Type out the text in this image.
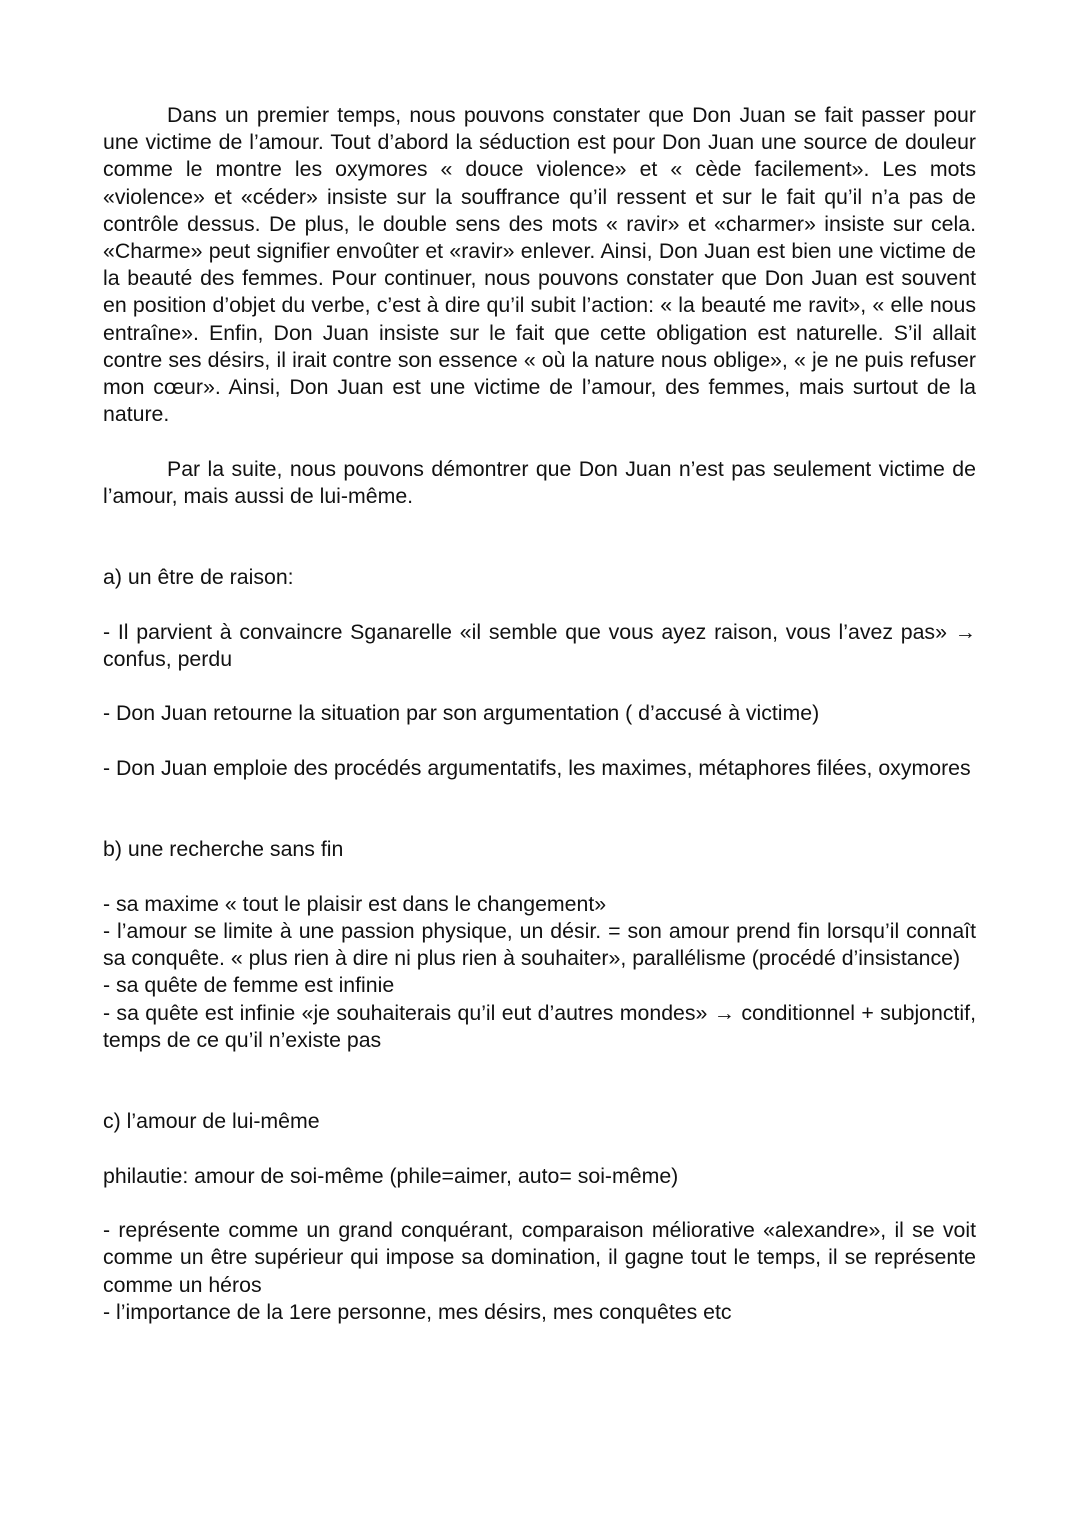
Dans un premier temps, nous pouvons constater que Don Juan se fait passer pour une victime de l’amour. Tout d’abord la séduction est pour Don Juan une source de douleur comme le montre les oxymores « douce violence» et « cède facilement». Les mots «violence» et «céder» insiste sur la souffrance qu’il ressent et sur le fait qu’il n’a pas de contrôle dessus. De plus, le double sens des mots « ravir» et «charmer» insiste sur cela. «Charme» peut signifier envoûter et «ravir» enlever. Ainsi, Don Juan est bien une victime de la beauté des femmes. Pour continuer, nous pouvons constater que Don Juan est souvent en position d’objet du verbe, c’est à dire qu’il subit l’action: « la beauté me ravit», « elle nous entraîne». Enfin, Don Juan insiste sur le fait que cette obligation est naturelle. S’il allait contre ses désirs, il irait contre son essence « où la nature nous oblige», « je ne puis refuser mon cœur». Ainsi, Don Juan est une victime de l’amour, des femmes, mais surtout de la nature.

Par la suite, nous pouvons démontrer que Don Juan n’est pas seulement victime de l’amour, mais aussi de lui-même.

a) un être de raison:

- Il parvient à convaincre Sganarelle «il semble que vous ayez raison, vous l’avez pas» → confus, perdu

- Don Juan retourne la situation par son argumentation ( d’accusé à victime)

- Don Juan emploie des procédés argumentatifs, les maximes, métaphores filées, oxymores

b) une recherche sans fin

- sa maxime « tout le plaisir est dans le changement»

- l’amour se limite à une passion physique, un désir. = son amour prend fin lorsqu’il connaît sa conquête. « plus rien à dire ni plus rien à souhaiter», parallélisme (procédé d’insistance)

- sa quête de femme est infinie

- sa quête est infinie «je souhaiterais qu’il eut d’autres mondes» → conditionnel + subjonctif, temps de ce qu’il n’existe pas

c) l’amour de lui-même

philautie: amour de soi-même (phile=aimer, auto= soi-même)

- représente comme un grand conquérant, comparaison méliorative «alexandre», il se voit comme un être supérieur qui impose sa domination, il gagne tout le temps, il se représente comme un héros

- l’importance de la 1ere personne, mes désirs, mes conquêtes etc
